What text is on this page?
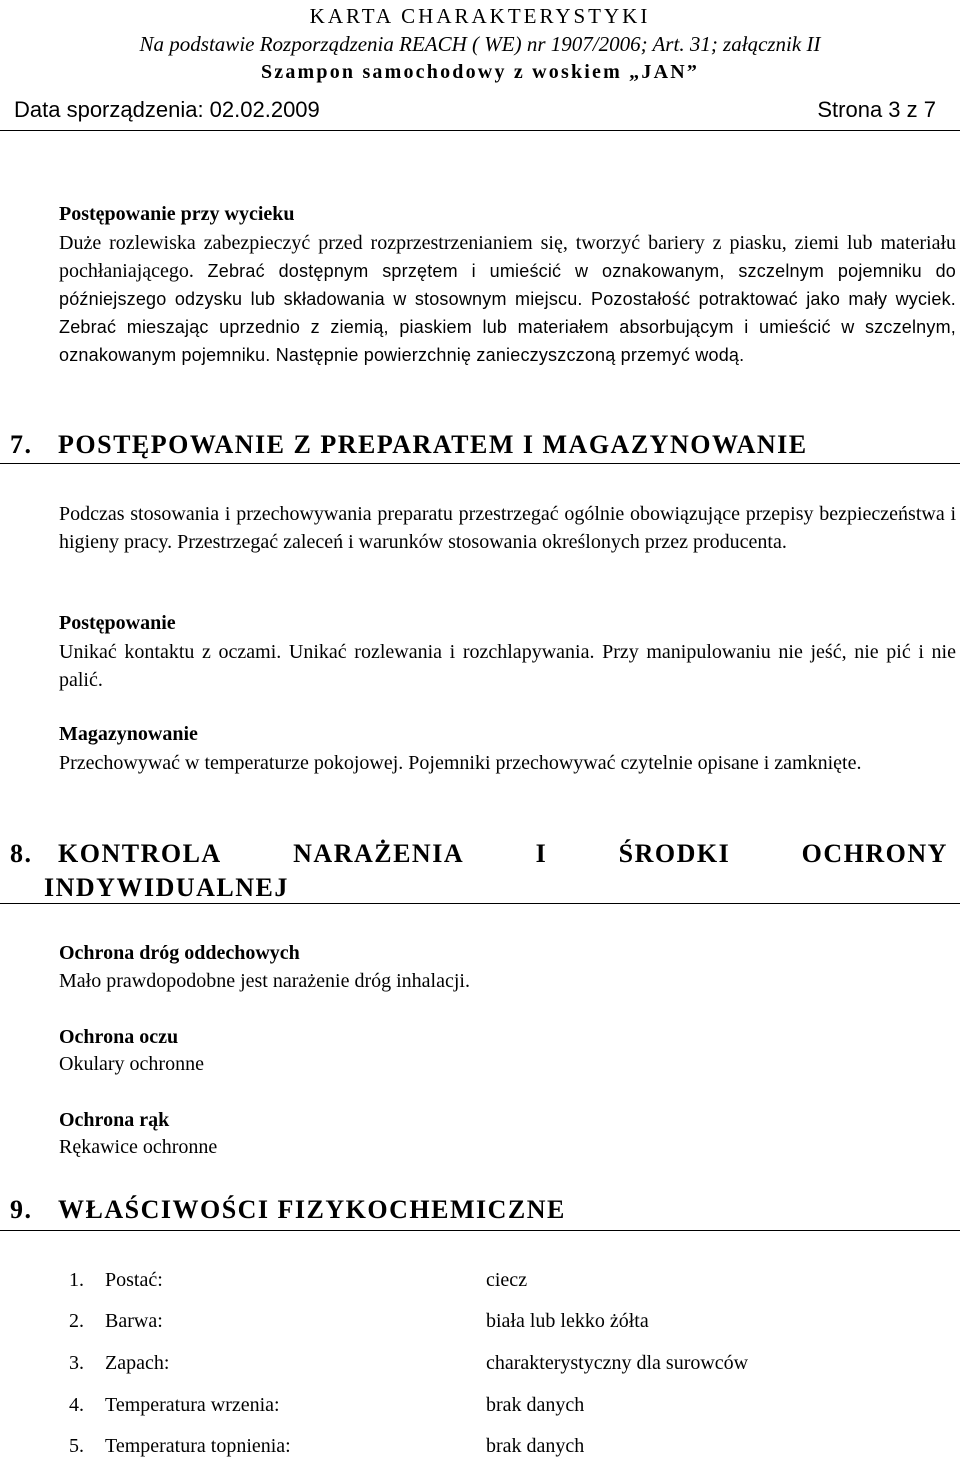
KARTA CHARAKTERYSTYKI
Na podstawie Rozporządzenia REACH ( WE) nr 1907/2006; Art. 31; załącznik II
Szampon samochodowy z woskiem „JAN”
Data sporządzenia: 02.02.2009	Strona 3 z 7
Postępowanie przy wycieku
Duże rozlewiska zabezpieczyć przed rozprzestrzenianiem się, tworzyć bariery z piasku, ziemi lub materiału pochłaniającego. Zebrać dostępnym sprzętem i umieścić w oznakowanym, szczelnym pojemniku do późniejszego odzysku lub składowania w stosownym miejscu. Pozostałość potraktować jako mały wyciek. Zebrać mieszając uprzednio z ziemią, piaskiem lub materiałem absorbującym i umieścić w szczelnym, oznakowanym pojemniku. Następnie powierzchnię zanieczyszczoną przemyć wodą.
7. POSTĘPOWANIE Z PREPARATEM I MAGAZYNOWANIE
Podczas stosowania i przechowywania preparatu przestrzegać ogólnie obowiązujące przepisy bezpieczeństwa i higieny pracy. Przestrzegać zaleceń i warunków stosowania określonych przez producenta.
Postępowanie
Unikać kontaktu z oczami. Unikać rozlewania i rozchlapywania. Przy manipulowaniu nie jeść, nie pić i nie palić.
Magazynowanie
Przechowywać w temperaturze pokojowej. Pojemniki przechowywać czytelnie opisane i zamknięte.
8. KONTROLA	NARAŻENIA	I	ŚRODKI	OCHRONY
INDYWIDUALNEJ
Ochrona dróg oddechowych
Mało prawdopodobne jest narażenie dróg inhalacji.
Ochrona oczu
Okulary ochronne
Ochrona rąk
Rękawice ochronne
9. WŁAŚCIWOŚCI FIZYKOCHEMICZNE
1. Postać:	ciecz
2. Barwa:	biała lub lekko żółta
3. Zapach:	charakterystyczny dla surowców
4. Temperatura wrzenia:	brak danych
5. Temperatura topnienia:	brak danych
